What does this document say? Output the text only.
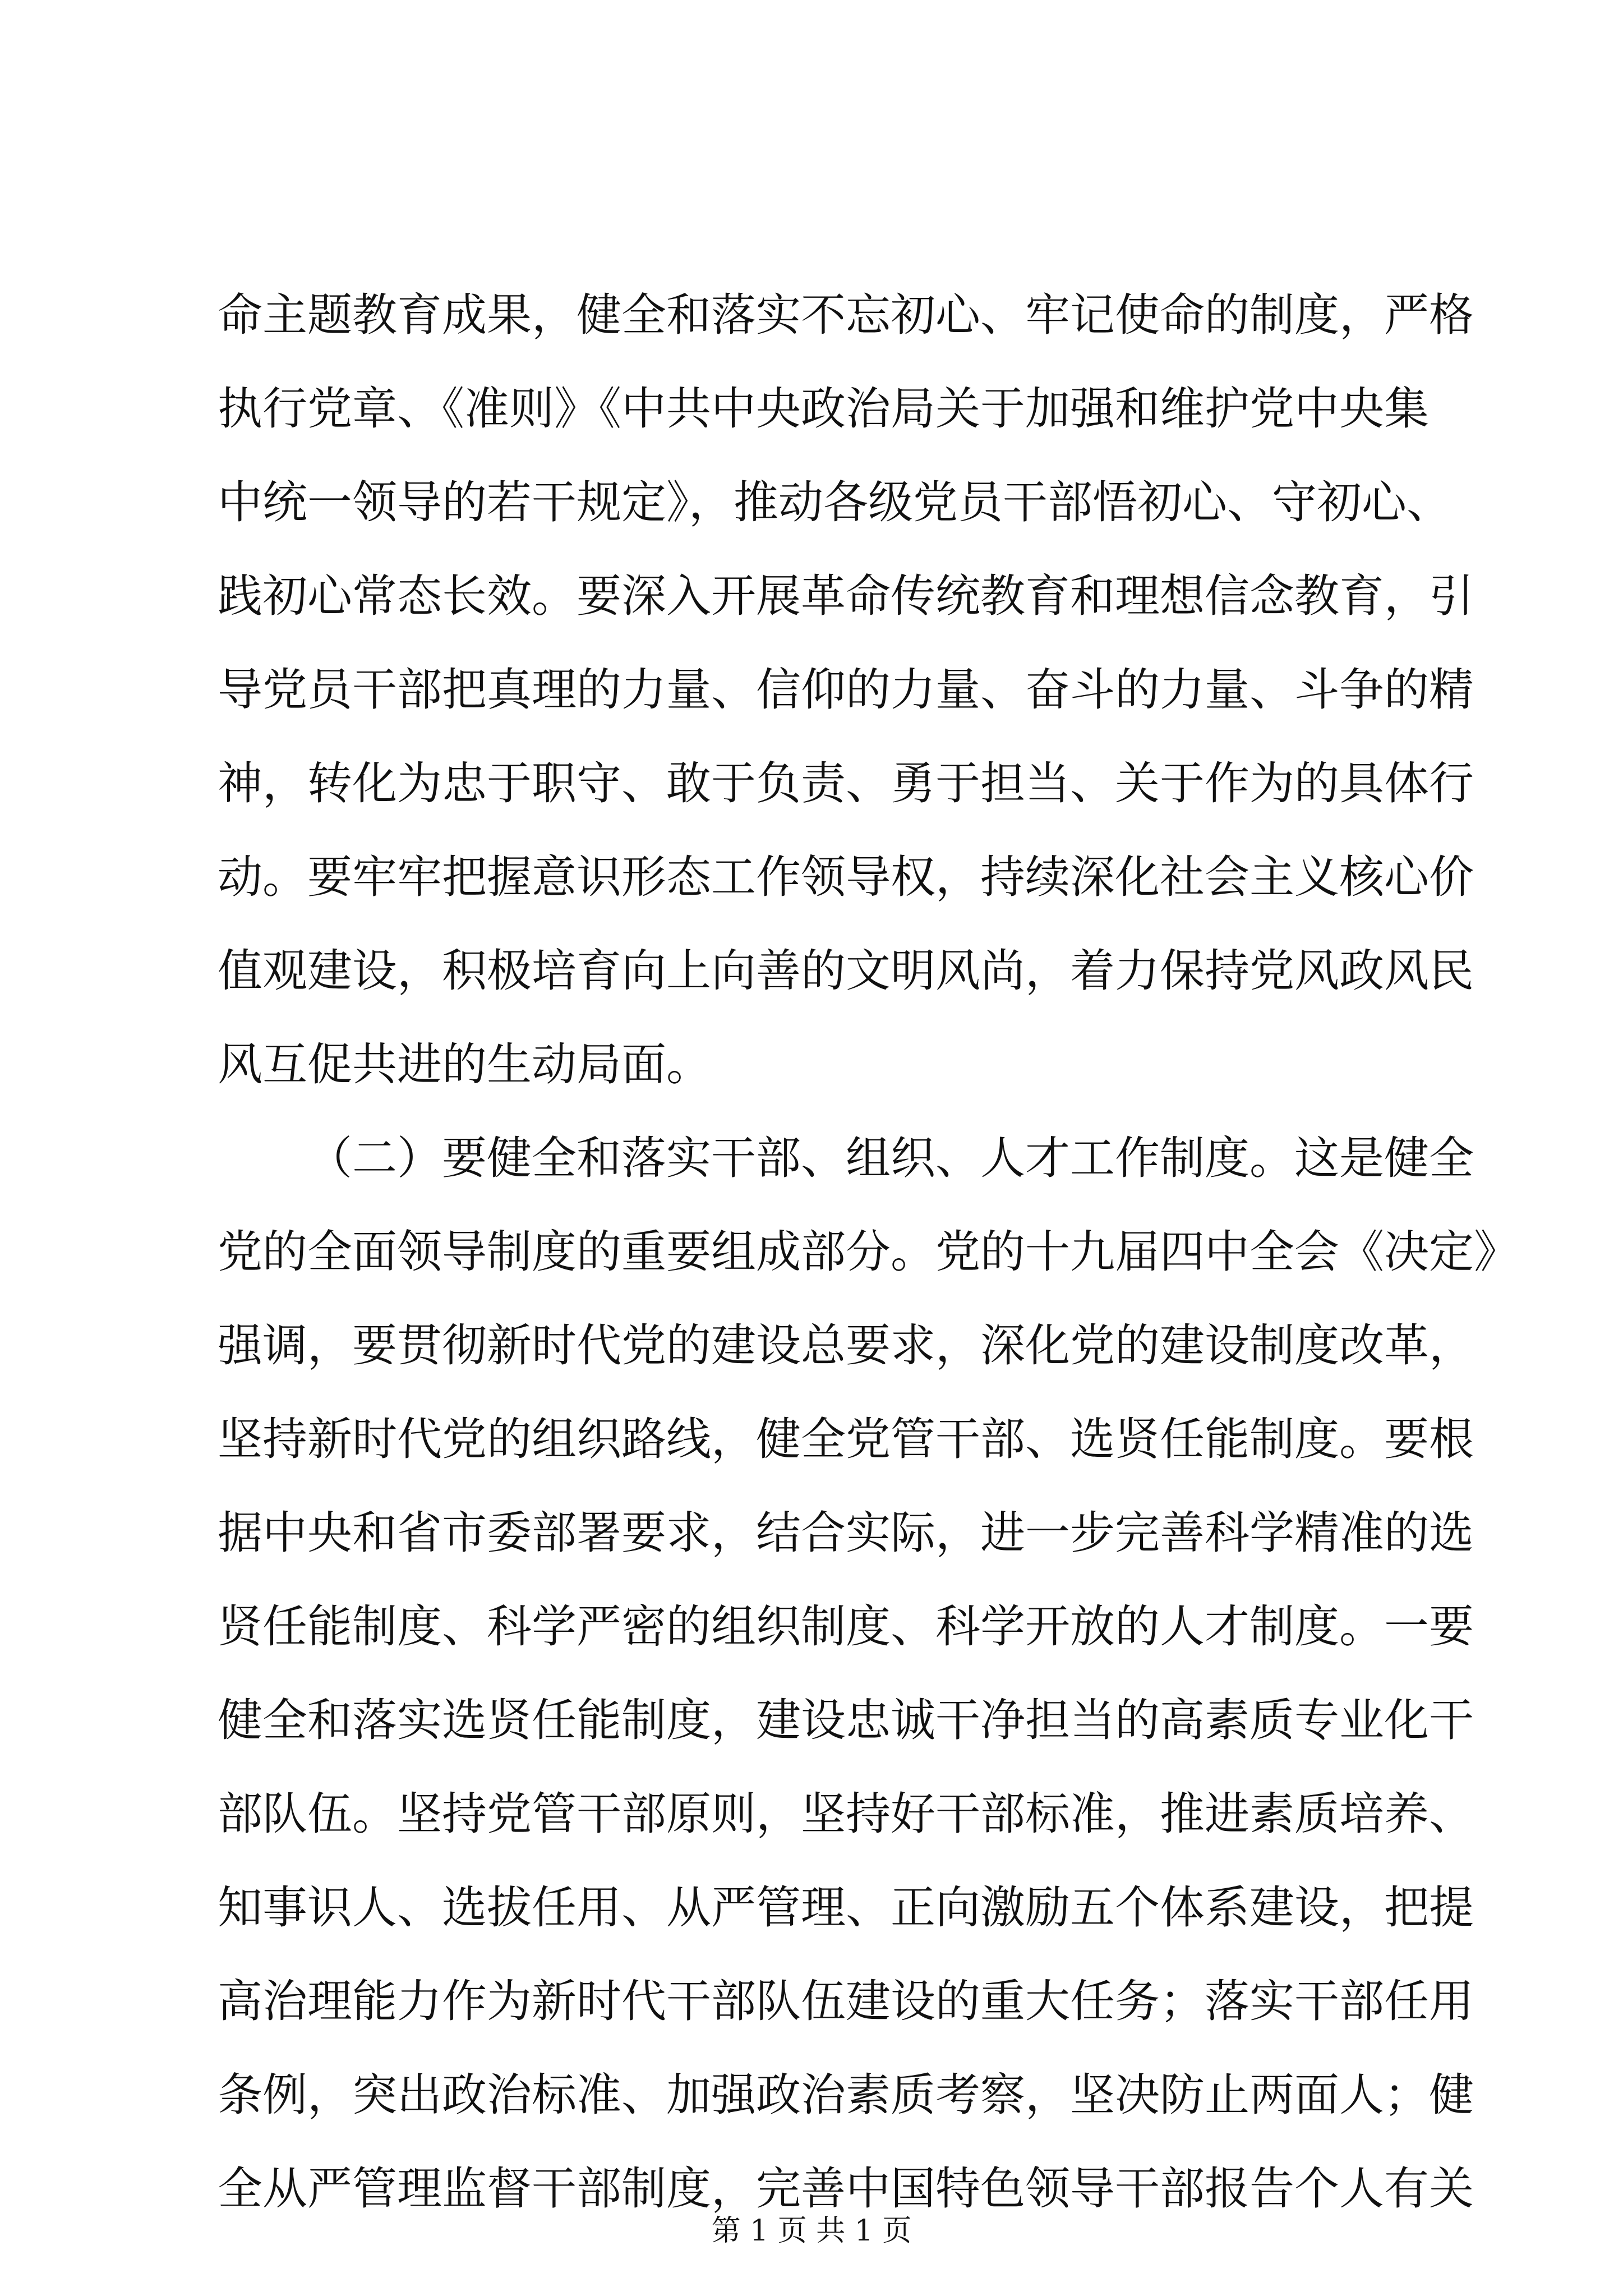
命主题教育成果，健全和落实不忘初心、牢记使命的制度，严格
执行党章、《准则》《中共中央政治局关于加强和维护党中央集
中统一领导的若干规定》，推动各级党员干部悟初心、守初心、
践初心常态长效。要深入开展革命传统教育和理想信念教育，引
导党员干部把真理的力量、信仰的力量、奋斗的力量、斗争的精
神，转化为忠于职守、敢于负责、勇于担当、关于作为的具体行
动。要牢牢把握意识形态工作领导权，持续深化社会主义核心价
值观建设，积极培育向上向善的文明风尚，着力保持党风政风民
风互促共进的生动局面。
（二）要健全和落实干部、组织、人才工作制度。这是健全
党的全面领导制度的重要组成部分。党的十九届四中全会《决定》
强调，要贯彻新时代党的建设总要求，深化党的建设制度改革，
坚持新时代党的组织路线，健全党管干部、选贤任能制度。要根
据中央和省市委部署要求，结合实际，进一步完善科学精准的选
贤任能制度、科学严密的组织制度、科学开放的人才制度。一要
健全和落实选贤任能制度，建设忠诚干净担当的高素质专业化干
部队伍。坚持党管干部原则，坚持好干部标准，推进素质培养、
知事识人、选拔任用、从严管理、正向激励五个体系建设，把提
高治理能力作为新时代干部队伍建设的重大任务；落实干部任用
条例，突出政治标准、加强政治素质考察，坚决防止两面人；健
全从严管理监督干部制度，完善中国特色领导干部报告个人有关
第 1 页 共 1 页
